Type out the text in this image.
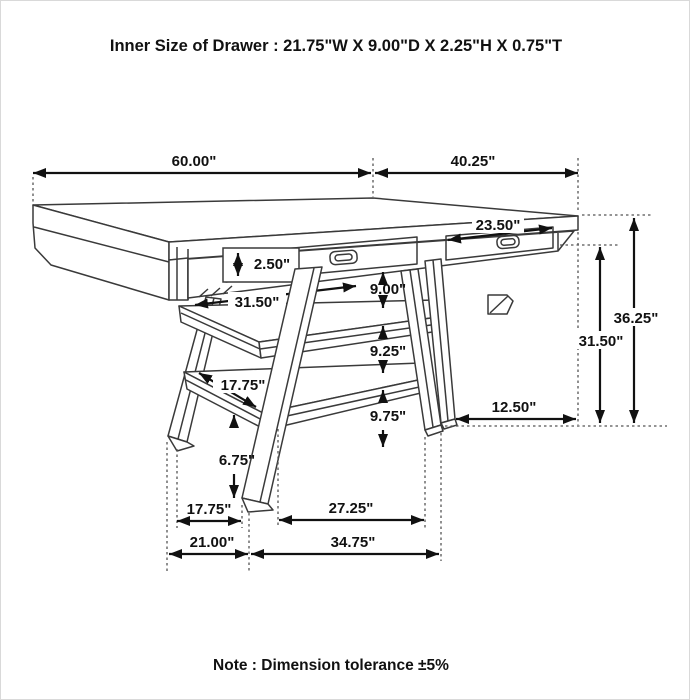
31.50"
17.75"
23.50"
2.50"
60.00"	40.25"
9.00"
9.25"
9.75"
6.75"
17.75"
21.00"
27.25"
34.75"
12.50"
31.50"
36.25"
Inner Size of Drawer : 21.75"W X 9.00"D X 2.25"H X 0.75"T
Note : Dimension tolerance ±5%
